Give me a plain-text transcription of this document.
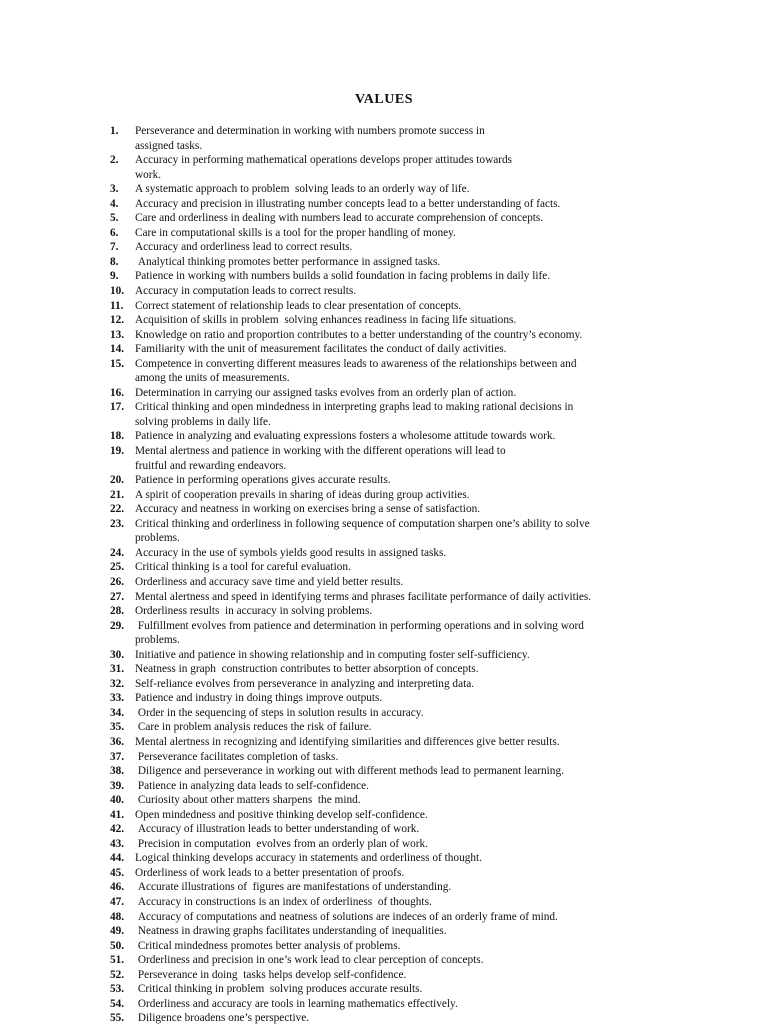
VALUES
1.	Perseverance and determination in working with numbers promote success in
assigned tasks.
2.	Accuracy in performing mathematical operations develops proper attitudes towards
work.
3.	A systematic approach to problem  solving leads to an orderly way of life.
4.	Accuracy and precision in illustrating number concepts lead to a better understanding of facts.
5.	Care and orderliness in dealing with numbers lead to accurate comprehension of concepts.
6.	Care in computational skills is a tool for the proper handling of money.
7.	Accuracy and orderliness lead to correct results.
8.	Analytical thinking promotes better performance in assigned tasks.
9.	Patience in working with numbers builds a solid foundation in facing problems in daily life.
10. Accuracy in computation leads to correct results.
11.	Correct statement of relationship leads to clear presentation of concepts.
12. Acquisition of skills in problem  solving enhances readiness in facing life situations.
13. Knowledge on ratio and proportion contributes to a better understanding of the country’s economy.
14. Familiarity with the unit of measurement facilitates the conduct of daily activities.
15. Competence in converting different measures leads to awareness of the relationships between and
among the units of measurements.
16. Determination in carrying our assigned tasks evolves from an orderly plan of action.
17. Critical thinking and open mindedness in interpreting graphs lead to making rational decisions in
solving problems in daily life.
18. Patience in analyzing and evaluating expressions fosters a wholesome attitude towards work.
19. Mental alertness and patience in working with the different operations will lead to
fruitful and rewarding endeavors.
20. Patience in performing operations gives accurate results.
21. A spirit of cooperation prevails in sharing of ideas during group activities.
22. Accuracy and neatness in working on exercises bring a sense of satisfaction.
23. Critical thinking and orderliness in following sequence of computation sharpen one’s ability to solve
problems.
24. Accuracy in the use of symbols yields good results in assigned tasks.
25. Critical thinking is a tool for careful evaluation.
26. Orderliness and accuracy save time and yield better results.
27. Mental alertness and speed in identifying terms and phrases facilitate performance of daily activities.
28. Orderliness results  in accuracy in solving problems.
29. Fulfillment evolves from patience and determination in performing operations and in solving word
problems.
30. Initiative and patience in showing relationship and in computing foster self-sufficiency.
31. Neatness in graph  construction contributes to better absorption of concepts.
32. Self-reliance evolves from perseverance in analyzing and interpreting data.
33. Patience and industry in doing things improve outputs.
34. Order in the sequencing of steps in solution results in accuracy.
35. Care in problem analysis reduces the risk of failure.
36. Mental alertness in recognizing and identifying similarities and differences give better results.
37. Perseverance facilitates completion of tasks.
38. Diligence and perseverance in working out with different methods lead to permanent learning.
39. Patience in analyzing data leads to self-confidence.
40. Curiosity about other matters sharpens  the mind.
41. Open mindedness and positive thinking develop self-confidence.
42. Accuracy of illustration leads to better understanding of work.
43. Precision in computation  evolves from an orderly plan of work.
44. Logical thinking develops accuracy in statements and orderliness of thought.
45. Orderliness of work leads to a better presentation of proofs.
46. Accurate illustrations of  figures are manifestations of understanding.
47. Accuracy in constructions is an index of orderliness  of thoughts.
48. Accuracy of computations and neatness of solutions are indeces of an orderly frame of mind.
49. Neatness in drawing graphs facilitates understanding of inequalities.
50. Critical mindedness promotes better analysis of problems.
51. Orderliness and precision in one’s work lead to clear perception of concepts.
52. Perseverance in doing  tasks helps develop self-confidence.
53. Critical thinking in problem  solving produces accurate results.
54. Orderliness and accuracy are tools in learning mathematics effectively.
55. Diligence broadens one’s perspective.
